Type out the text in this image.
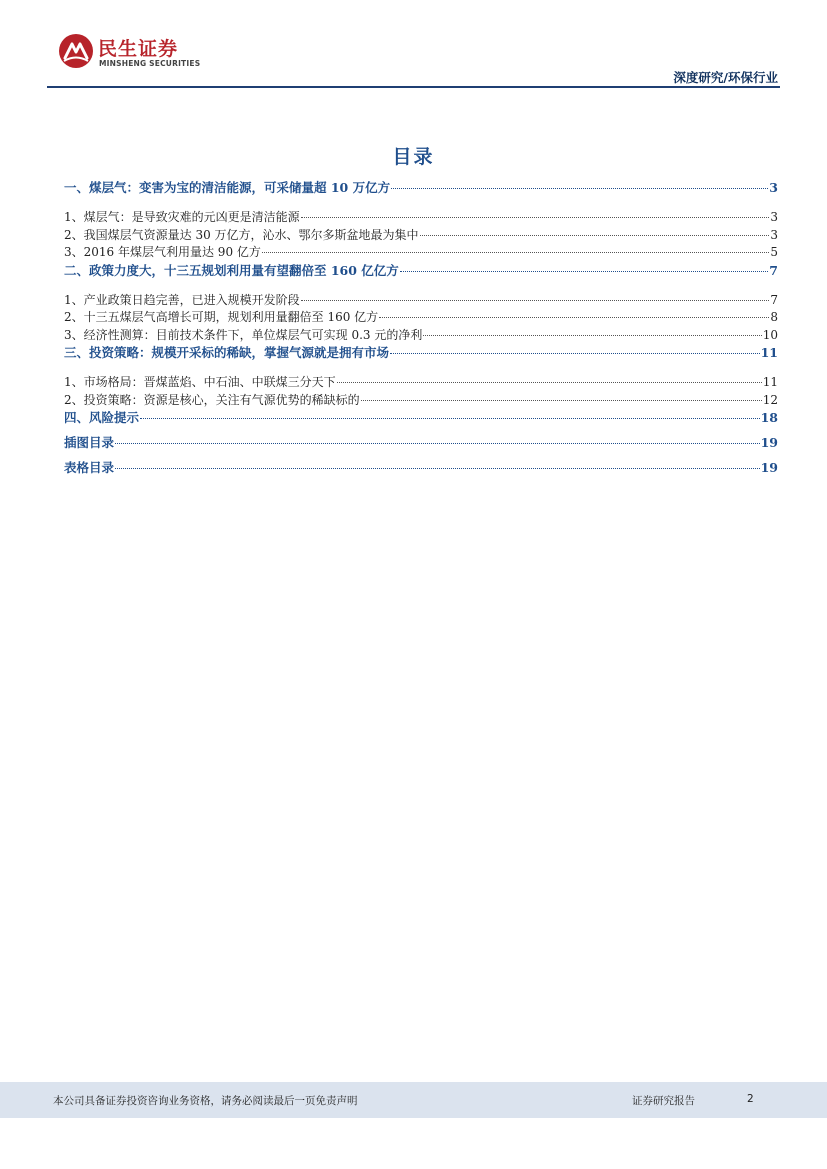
民生证券
MINSHENG SECURITIES
深度研究/环保行业
目录
一、煤层气：变害为宝的清洁能源，可采储量超 10 万亿方	3
1、煤层气：是导致灾难的元凶更是清洁能源	3
2、我国煤层气资源量达 30 万亿方，沁水、鄂尔多斯盆地最为集中	3
3、2016 年煤层气利用量达 90 亿方	5
二、政策力度大，十三五规划利用量有望翻倍至 160 亿亿方	7
1、产业政策日趋完善，已进入规模开发阶段	7
2、十三五煤层气高增长可期，规划利用量翻倍至 160 亿方	8
3、经济性测算：目前技术条件下，单位煤层气可实现 0.3 元的净利	10
三、投资策略：规模开采标的稀缺，掌握气源就是拥有市场	11
1、市场格局：晋煤蓝焰、中石油、中联煤三分天下	11
2、投资策略：资源是核心，关注有气源优势的稀缺标的	12
四、风险提示	18
插图目录	19
表格目录	19
本公司具备证券投资咨询业务资格，请务必阅读最后一页免责声明	证券研究报告	2
